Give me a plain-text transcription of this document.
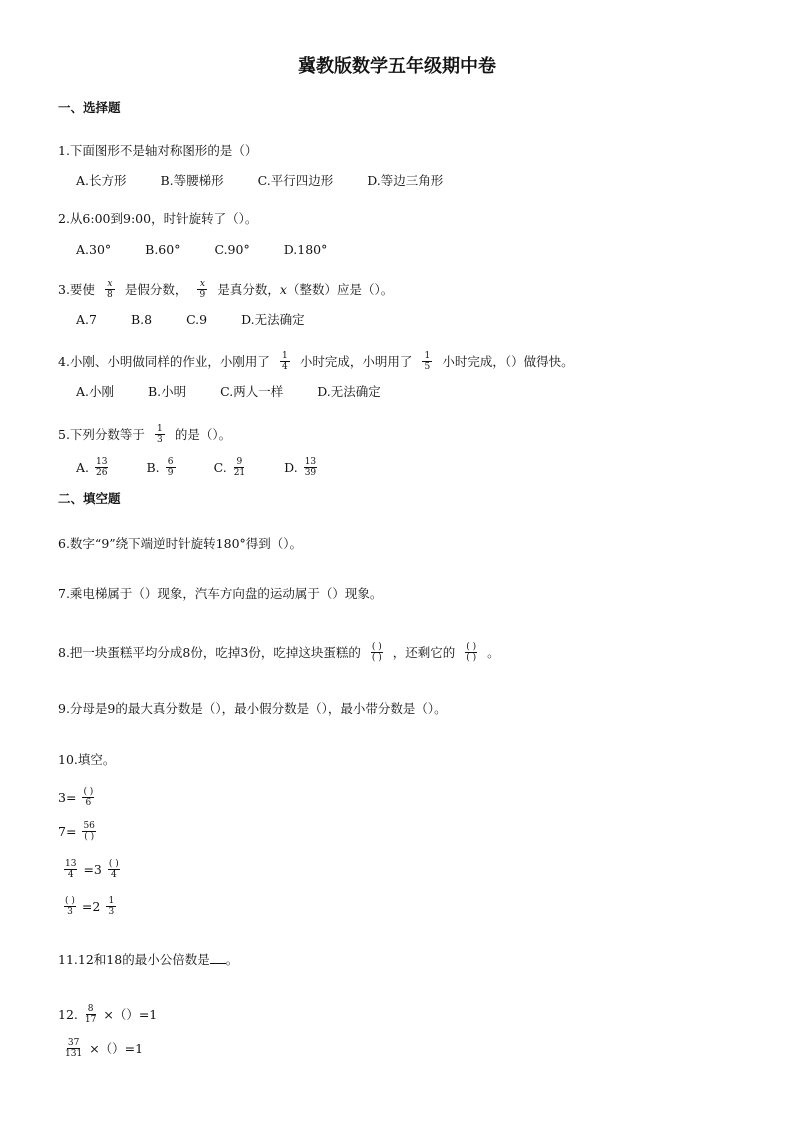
冀教版数学五年级期中卷
一、选择题
1.下面图形不是轴对称图形的是（）
A.长方形	B.等腰梯形	C.平行四边形	D.等边三角形
2.从6:00到9:00，时针旋转了（）。
A.30°	B.60°	C.90°	D.180°
3.要使 $\frac{x}{8}$ 是假分数， $\frac{x}{9}$ 是真分数，x（整数）应是（）。
A.7	B.8	C.9	D.无法确定
4.小刚、小明做同样的作业，小刚用了 $\frac{1}{4}$ 小时完成，小明用了 $\frac{1}{5}$ 小时完成，（）做得快。
A.小刚	B.小明	C.两人一样	D.无法确定
5.下列分数等于 $\frac{1}{3}$ 的是（）。
A. $\frac{13}{26}$	B. $\frac{6}{9}$	C. $\frac{9}{21}$	D. $\frac{13}{39}$
二、填空题
6.数字“9”绕下端逆时针旋转180°得到（）。
7.乘电梯属于（）现象，汽车方向盘的运动属于（）现象。
8.把一块蛋糕平均分成8份，吃掉3份，吃掉这块蛋糕的 $\frac{( )}{( )}$ ，还剩它的 $\frac{( )}{( )}$ 。
9.分母是9的最大真分数是（），最小假分数是（），最小带分数是（）。
10.填空。
$3= \frac{( )}{6}$
$7= \frac{56}{( )}$
$\frac{13}{4} =3 \frac{( )}{4}$
$\frac{( )}{3} =2 \frac{1}{3}$
11.12和18的最小公倍数是 。
12. $\frac{8}{17} \times()=1$
$\frac{37}{131} \times()=1$
